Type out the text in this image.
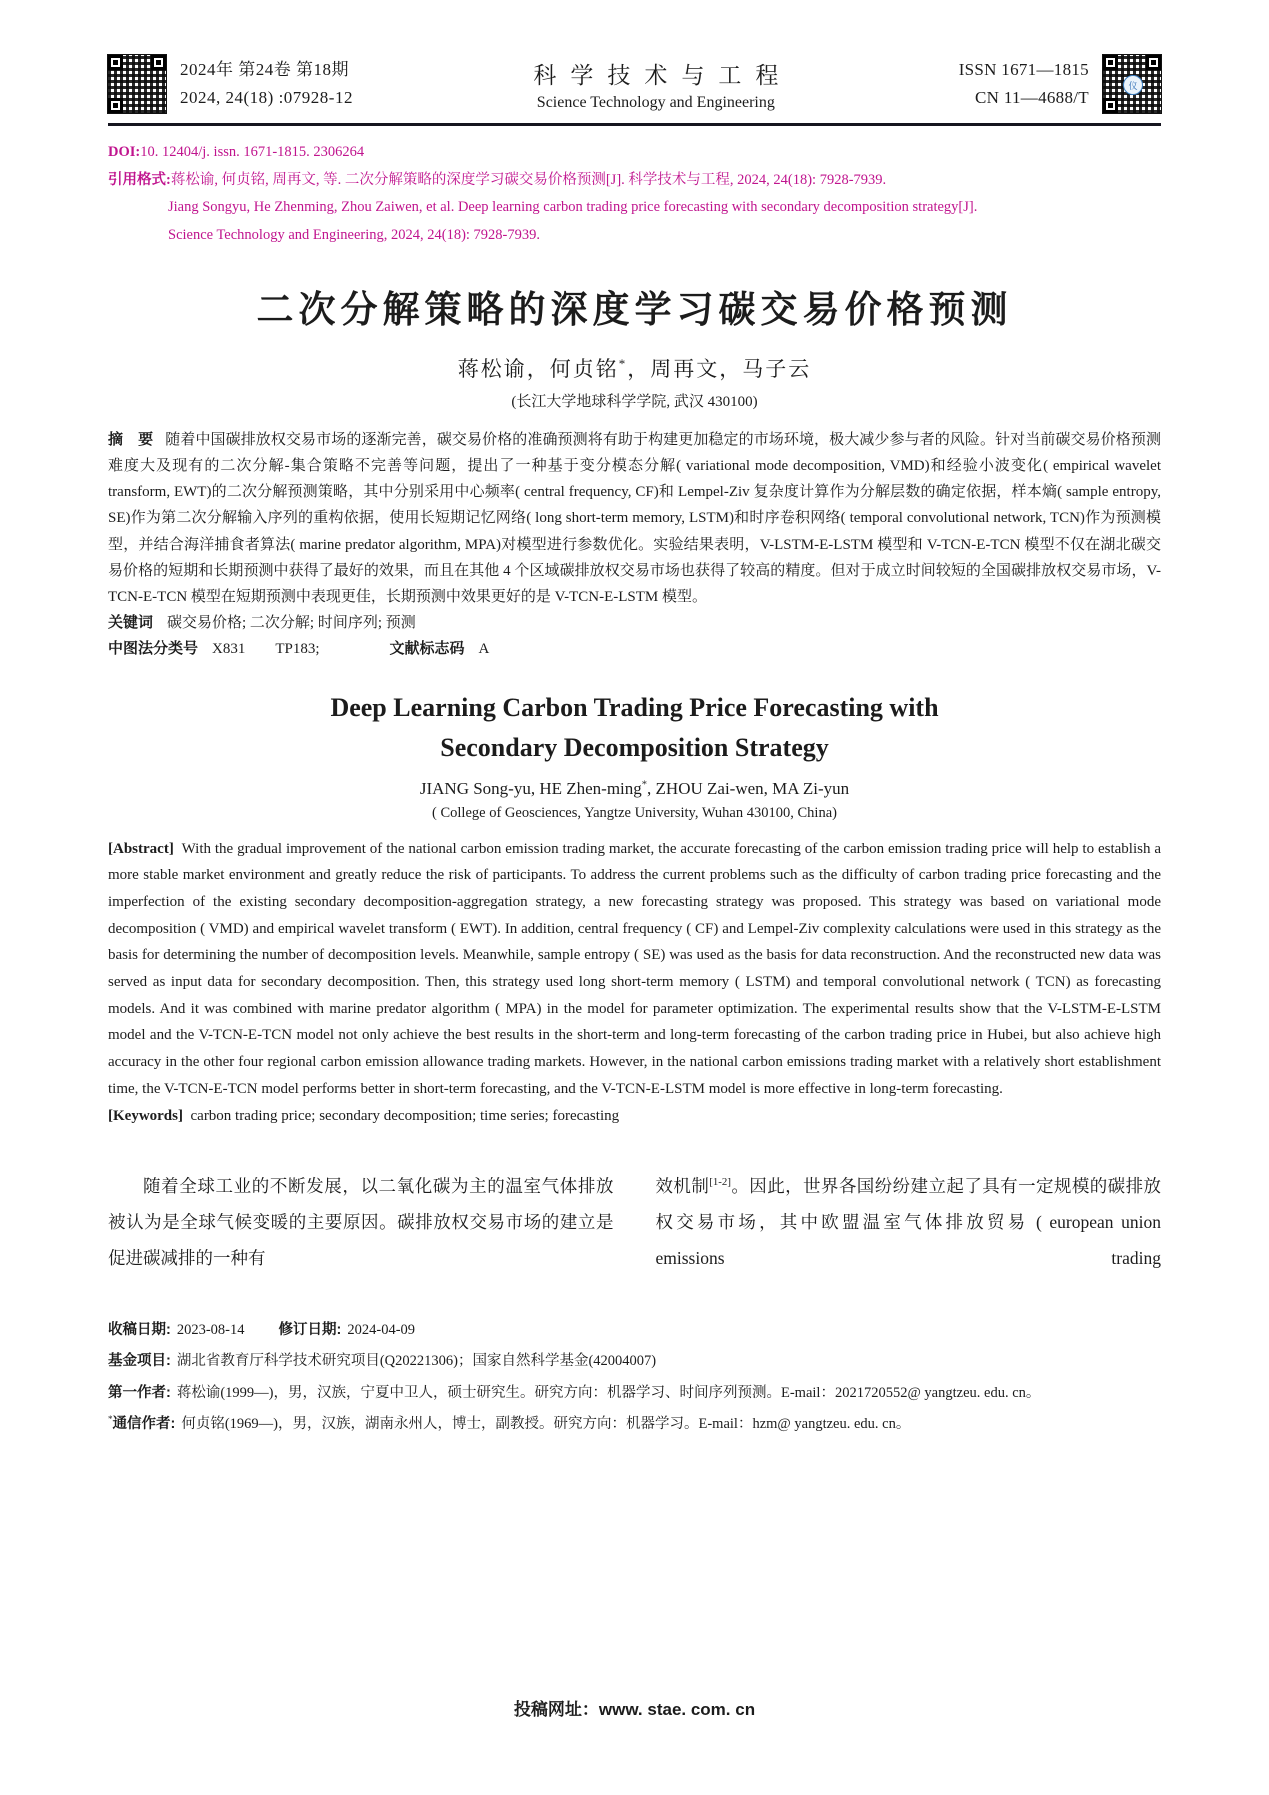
2024年 第24卷 第18期
2024, 24(18) :07928-12
科学技术与工程
Science Technology and Engineering
ISSN 1671—1815
CN 11—4688/T
仪
DOI:10. 12404/j. issn. 1671-1815. 2306264
引用格式:蒋松谕, 何贞铭, 周再文, 等. 二次分解策略的深度学习碳交易价格预测[J]. 科学技术与工程, 2024, 24(18): 7928-7939.
Jiang Songyu, He Zhenming, Zhou Zaiwen, et al. Deep learning carbon trading price forecasting with secondary decomposition strategy[J].
Science Technology and Engineering, 2024, 24(18): 7928-7939.
二次分解策略的深度学习碳交易价格预测
蒋松谕，何贞铭*，周再文，马子云
(长江大学地球科学学院, 武汉 430100)

摘　要 随着中国碳排放权交易市场的逐渐完善，碳交易价格的准确预测将有助于构建更加稳定的市场环境，极大减少参与者的风险。针对当前碳交易价格预测难度大及现有的二次分解-集合策略不完善等问题，提出了一种基于变分模态分解( variational mode decomposition, VMD)和经验小波变化( empirical wavelet transform, EWT)的二次分解预测策略，其中分别采用中心频率( central frequency, CF)和 Lempel-Ziv 复杂度计算作为分解层数的确定依据，样本熵( sample entropy, SE)作为第二次分解输入序列的重构依据，使用长短期记忆网络( long short-term memory, LSTM)和时序卷积网络( temporal convolutional network, TCN)作为预测模型，并结合海洋捕食者算法( marine predator algorithm, MPA)对模型进行参数优化。实验结果表明，V-LSTM-E-LSTM 模型和 V-TCN-E-TCN 模型不仅在湖北碳交易价格的短期和长期预测中获得了最好的效果，而且在其他 4 个区域碳排放权交易市场也获得了较高的精度。但对于成立时间较短的全国碳排放权交易市场，V-TCN-E-TCN 模型在短期预测中表现更佳，长期预测中效果更好的是 V-TCN-E-LSTM 模型。

关键词 碳交易价格; 二次分解; 时间序列; 预测
中图法分类号 X831　　TP183;	文献标志码 A
Deep Learning Carbon Trading Price Forecasting with
Secondary Decomposition Strategy
JIANG Song-yu, HE Zhen-ming*, ZHOU Zai-wen, MA Zi-yun
( College of Geosciences, Yangtze University, Wuhan 430100, China)

[Abstract] With the gradual improvement of the national carbon emission trading market, the accurate forecasting of the carbon emission trading price will help to establish a more stable market environment and greatly reduce the risk of participants. To address the current problems such as the difficulty of carbon trading price forecasting and the imperfection of the existing secondary decomposition-aggregation strategy, a new forecasting strategy was proposed. This strategy was based on variational mode decomposition ( VMD) and empirical wavelet transform ( EWT). In addition, central frequency ( CF) and Lempel-Ziv complexity calculations were used in this strategy as the basis for determining the number of decomposition levels. Meanwhile, sample entropy ( SE) was used as the basis for data reconstruction. And the reconstructed new data was served as input data for secondary decomposition. Then, this strategy used long short-term memory ( LSTM) and temporal convolutional network ( TCN) as forecasting models. And it was combined with marine predator algorithm ( MPA) in the model for parameter optimization. The experimental results show that the V-LSTM-E-LSTM model and the V-TCN-E-TCN model not only achieve the best results in the short-term and long-term forecasting of the carbon trading price in Hubei, but also achieve high accuracy in the other four regional carbon emission allowance trading markets. However, in the national carbon emissions trading market with a relatively short establishment time, the V-TCN-E-TCN model performs better in short-term forecasting, and the V-TCN-E-LSTM model is more effective in long-term forecasting.

[Keywords] carbon trading price; secondary decomposition; time series; forecasting

随着全球工业的不断发展，以二氧化碳为主的温室气体排放被认为是全球气候变暖的主要原因。碳排放权交易市场的建立是促进碳减排的一种有

效机制[1-2]。因此，世界各国纷纷建立起了具有一定规模的碳排放权交易市场，其中欧盟温室气体排放贸易 ( european union emissions trading

收稿日期: 2023-08-14 修订日期: 2024-04-09
基金项目: 湖北省教育厅科学技术研究项目(Q20221306)；国家自然科学基金(42004007)
第一作者: 蒋松谕(1999—)，男，汉族，宁夏中卫人，硕士研究生。研究方向：机器学习、时间序列预测。E-mail：2021720552@ yangtzeu. edu. cn。
*通信作者: 何贞铭(1969—)，男，汉族，湖南永州人，博士，副教授。研究方向：机器学习。E-mail：hzm@ yangtzeu. edu. cn。
投稿网址：www. stae. com. cn
